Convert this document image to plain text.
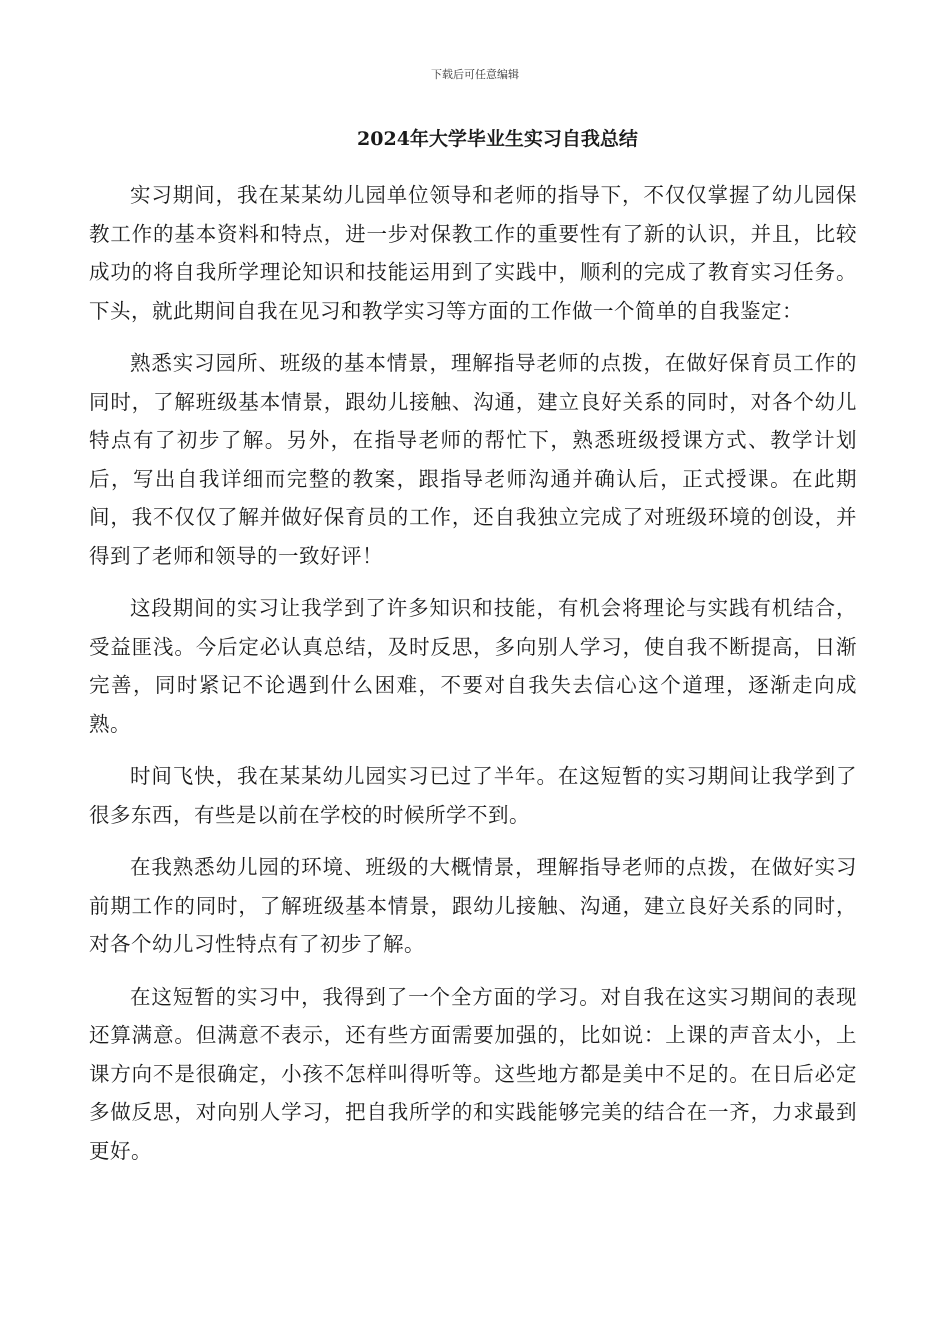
下载后可任意编辑
2024年大学毕业生实习自我总结

实习期间，我在某某幼儿园单位领导和老师的指导下，不仅仅掌握了幼儿园保教工作的基本资料和特点，进一步对保教工作的重要性有了新的认识，并且，比较成功的将自我所学理论知识和技能运用到了实践中，顺利的完成了教育实习任务。下头，就此期间自我在见习和教学实习等方面的工作做一个简单的自我鉴定：

熟悉实习园所、班级的基本情景，理解指导老师的点拨，在做好保育员工作的同时，了解班级基本情景，跟幼儿接触、沟通，建立良好关系的同时，对各个幼儿特点有了初步了解。另外，在指导老师的帮忙下，熟悉班级授课方式、教学计划后，写出自我详细而完整的教案，跟指导老师沟通并确认后，正式授课。在此期间，我不仅仅了解并做好保育员的工作，还自我独立完成了对班级环境的创设，并得到了老师和领导的一致好评！

这段期间的实习让我学到了许多知识和技能，有机会将理论与实践有机结合，受益匪浅。今后定必认真总结，及时反思，多向别人学习，使自我不断提高，日渐完善，同时紧记不论遇到什么困难，不要对自我失去信心这个道理，逐渐走向成熟。

时间飞快，我在某某幼儿园实习已过了半年。在这短暂的实习期间让我学到了很多东西，有些是以前在学校的时候所学不到。

在我熟悉幼儿园的环境、班级的大概情景，理解指导老师的点拨，在做好实习前期工作的同时，了解班级基本情景，跟幼儿接触、沟通，建立良好关系的同时，对各个幼儿习性特点有了初步了解。

在这短暂的实习中，我得到了一个全方面的学习。对自我在这实习期间的表现还算满意。但满意不表示，还有些方面需要加强的，比如说：上课的声音太小，上课方向不是很确定，小孩不怎样叫得听等。这些地方都是美中不足的。在日后必定多做反思，对向别人学习，把自我所学的和实践能够完美的结合在一齐，力求最到更好。
